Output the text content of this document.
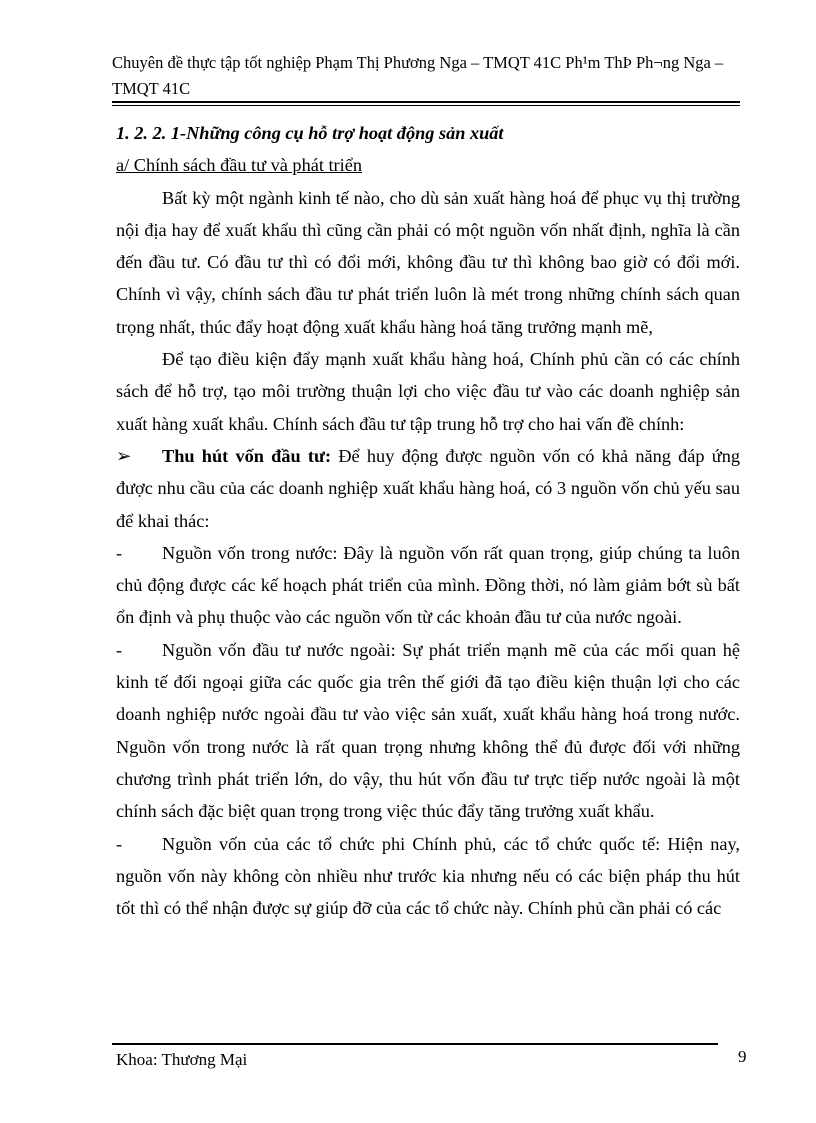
Chuyên đề thực tập tốt nghiệp Phạm Thị Phương Nga – TMQT 41C Ph¹m ThÞ Ph¬ng Nga – TMQT 41C

1. 2. 2. 1-Những công cụ hỗ trợ hoạt động sản xuất

a/ Chính sách đầu tư và phát triển

Bất kỳ một ngành kinh tế nào, cho dù sản xuất hàng hoá để phục vụ thị trường nội địa hay để xuất khẩu thì cũng cần phải có một nguồn vốn nhất định, nghĩa là cần đến đầu tư. Có đầu tư thì có đổi mới, không đầu tư thì không bao giờ có đổi mới. Chính vì vậy, chính sách đầu tư phát triển luôn là mét trong những chính sách quan trọng nhất, thúc đẩy hoạt động xuất khẩu hàng hoá tăng trưởng mạnh mẽ,

Để tạo điều kiện đẩy mạnh xuất khẩu hàng hoá, Chính phủ cần có các chính sách để hỗ trợ, tạo môi trường thuận lợi cho việc đầu tư vào các doanh nghiệp sản xuất hàng xuất khẩu. Chính sách đầu tư tập trung hỗ trợ cho hai vấn đề chính:

➢ Thu hút vốn đầu tư: Để huy động được nguồn vốn có khả năng đáp ứng được nhu cầu của các doanh nghiệp xuất khẩu hàng hoá, có 3 nguồn vốn chủ yếu sau để khai thác:

- Nguồn vốn trong nước: Đây là nguồn vốn rất quan trọng, giúp chúng ta luôn chủ động được các kế hoạch phát triển của mình. Đồng thời, nó làm giảm bớt sù bất ổn định và phụ thuộc vào các nguồn vốn từ các khoản đầu tư của nước ngoài.

- Nguồn vốn đầu tư nước ngoài: Sự phát triển mạnh mẽ của các mối quan hệ kinh tế đối ngoại giữa các quốc gia trên thế giới đã tạo điều kiện thuận lợi cho các doanh nghiệp nước ngoài đầu tư vào việc sản xuất, xuất khẩu hàng hoá trong nước. Nguồn vốn trong nước là rất quan trọng nhưng không thể đủ được đối với những chương trình phát triển lớn, do vậy, thu hút vốn đầu tư trực tiếp nước ngoài là một chính sách đặc biệt quan trọng trong việc thúc đẩy tăng trưởng xuất khẩu.

- Nguồn vốn của các tổ chức phi Chính phủ, các tổ chức quốc tế: Hiện nay, nguồn vốn này không còn nhiều như trước kia nhưng nếu có các biện pháp thu hút tốt thì có thể nhận được sự giúp đỡ của các tổ chức này. Chính phủ cần phải có các

Khoa: Thương Mại	9
